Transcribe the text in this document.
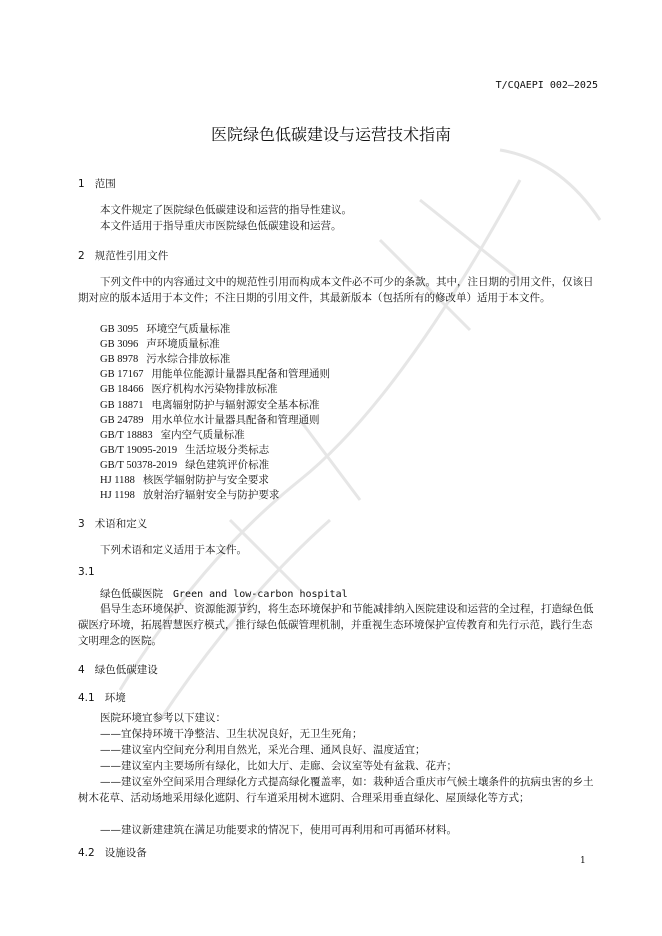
T/CQAEPI 002—2025
医院绿色低碳建设与运营技术指南
1 范围
本文件规定了医院绿色低碳建设和运营的指导性建议。
本文件适用于指导重庆市医院绿色低碳建设和运营。
2 规范性引用文件
下列文件中的内容通过文中的规范性引用而构成本文件必不可少的条款。其中，注日期的引用文件，仅该日期对应的版本适用于本文件；不注日期的引用文件，其最新版本（包括所有的修改单）适用于本文件。
GB 3095 环境空气质量标准
GB 3096 声环境质量标准
GB 8978 污水综合排放标准
GB 17167 用能单位能源计量器具配备和管理通则
GB 18466 医疗机构水污染物排放标准
GB 18871 电离辐射防护与辐射源安全基本标准
GB 24789 用水单位水计量器具配备和管理通则
GB/T 18883 室内空气质量标准
GB/T 19095-2019 生活垃圾分类标志
GB/T 50378-2019 绿色建筑评价标准
HJ 1188 核医学辐射防护与安全要求
HJ 1198 放射治疗辐射安全与防护要求
3 术语和定义
下列术语和定义适用于本文件。
3.1
绿色低碳医院 Green and low-carbon hospital
倡导生态环境保护、资源能源节约，将生态环境保护和节能减排纳入医院建设和运营的全过程，打造绿色低碳医疗环境，拓展智慧医疗模式，推行绿色低碳管理机制，并重视生态环境保护宣传教育和先行示范，践行生态文明理念的医院。
4 绿色低碳建设
4.1 环境
医院环境宜参考以下建议：
——宜保持环境干净整洁、卫生状况良好，无卫生死角；
——建议室内空间充分利用自然光，采光合理、通风良好、温度适宜；
——建议室内主要场所有绿化，比如大厅、走廊、会议室等处有盆栽、花卉；
——建议室外空间采用合理绿化方式提高绿化覆盖率，如：栽种适合重庆市气候土壤条件的抗病虫害的乡土树木花草、活动场地采用绿化遮阴、行车道采用树木遮阴、合理采用垂直绿化、屋顶绿化等方式；
——建议新建建筑在满足功能要求的情况下，使用可再利用和可再循环材料。
4.2 设施设备
1
